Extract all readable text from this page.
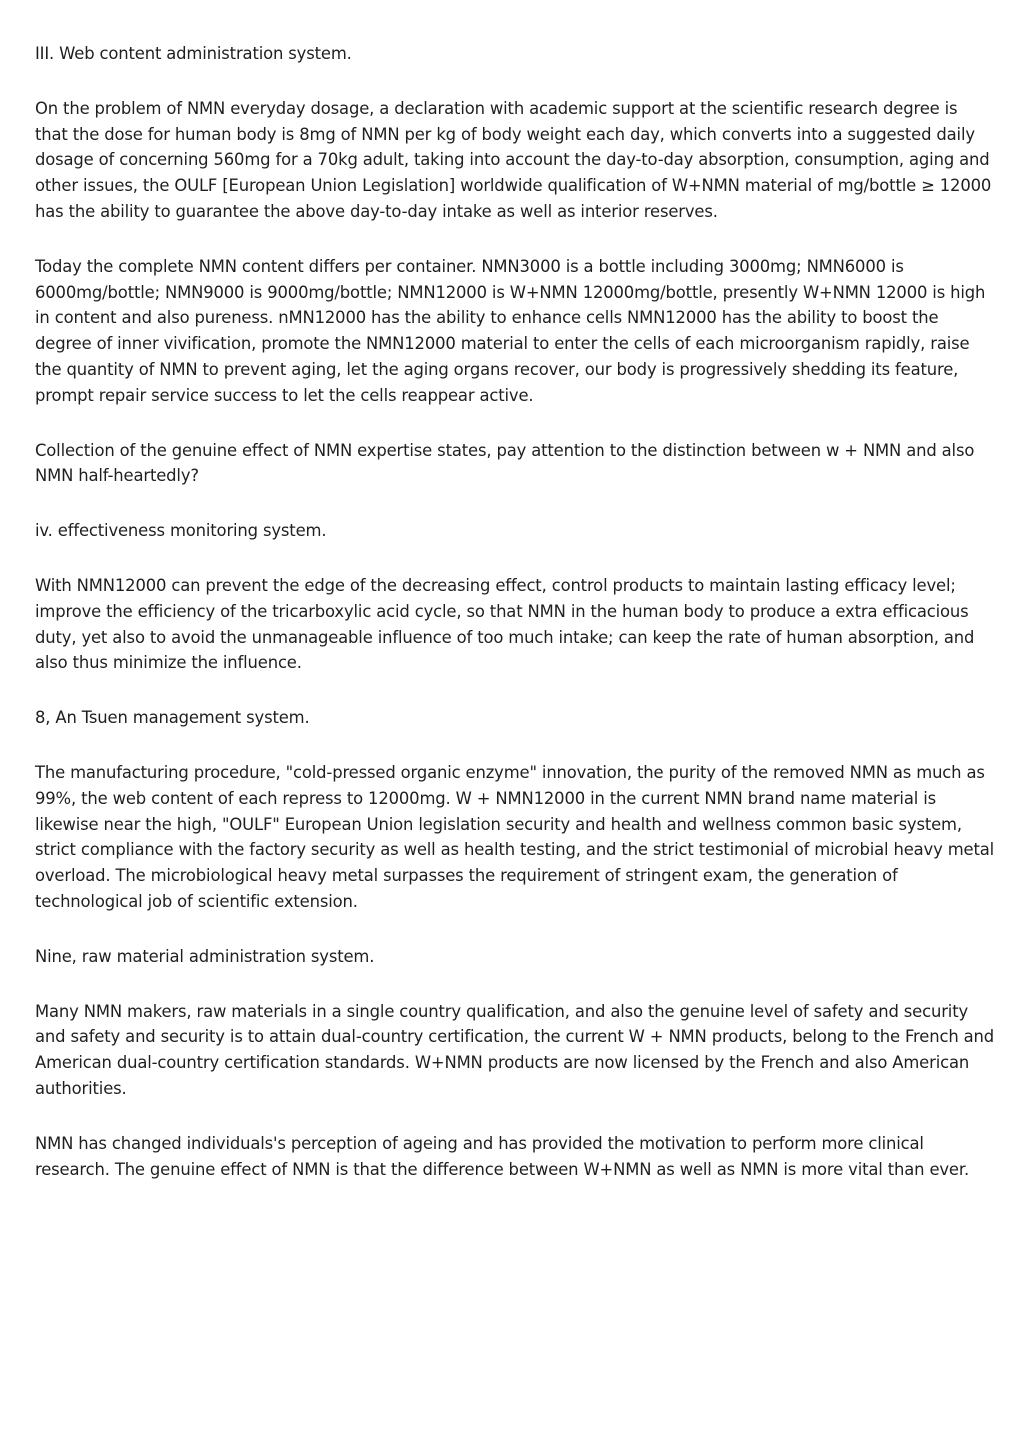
III. Web content administration system.

On the problem of NMN everyday dosage, a declaration with academic support at the scientific research degree is that the dose for human body is 8mg of NMN per kg of body weight each day, which converts into a suggested daily dosage of concerning 560mg for a 70kg adult, taking into account the day-to-day absorption, consumption, aging and other issues, the OULF [European Union Legislation] worldwide qualification of W+NMN material of mg/bottle ≥ 12000 has the ability to guarantee the above day-to-day intake as well as interior reserves.

Today the complete NMN content differs per container. NMN3000 is a bottle including 3000mg; NMN6000 is 6000mg/bottle; NMN9000 is 9000mg/bottle; NMN12000 is W+NMN 12000mg/bottle, presently W+NMN 12000 is high in content and also pureness. nMN12000 has the ability to enhance cells NMN12000 has the ability to boost the degree of inner vivification, promote the NMN12000 material to enter the cells of each microorganism rapidly, raise the quantity of NMN to prevent aging, let the aging organs recover, our body is progressively shedding its feature, prompt repair service success to let the cells reappear active.

Collection of the genuine effect of NMN expertise states, pay attention to the distinction between w + NMN and also NMN half-heartedly?

iv. effectiveness monitoring system.

With NMN12000 can prevent the edge of the decreasing effect, control products to maintain lasting efficacy level; improve the efficiency of the tricarboxylic acid cycle, so that NMN in the human body to produce a extra efficacious duty, yet also to avoid the unmanageable influence of too much intake; can keep the rate of human absorption, and also thus minimize the influence.

8, An Tsuen management system.

The manufacturing procedure, "cold-pressed organic enzyme" innovation, the purity of the removed NMN as much as 99%, the web content of each repress to 12000mg. W + NMN12000 in the current NMN brand name material is likewise near the high, "OULF" European Union legislation security and health and wellness common basic system, strict compliance with the factory security as well as health testing, and the strict testimonial of microbial heavy metal overload. The microbiological heavy metal surpasses the requirement of stringent exam, the generation of technological job of scientific extension.

Nine, raw material administration system.

Many NMN makers, raw materials in a single country qualification, and also the genuine level of safety and security and safety and security is to attain dual-country certification, the current W + NMN products, belong to the French and American dual-country certification standards. W+NMN products are now licensed by the French and also American authorities.

NMN has changed individuals's perception of ageing and has provided the motivation to perform more clinical research. The genuine effect of NMN is that the difference between W+NMN as well as NMN is more vital than ever.
